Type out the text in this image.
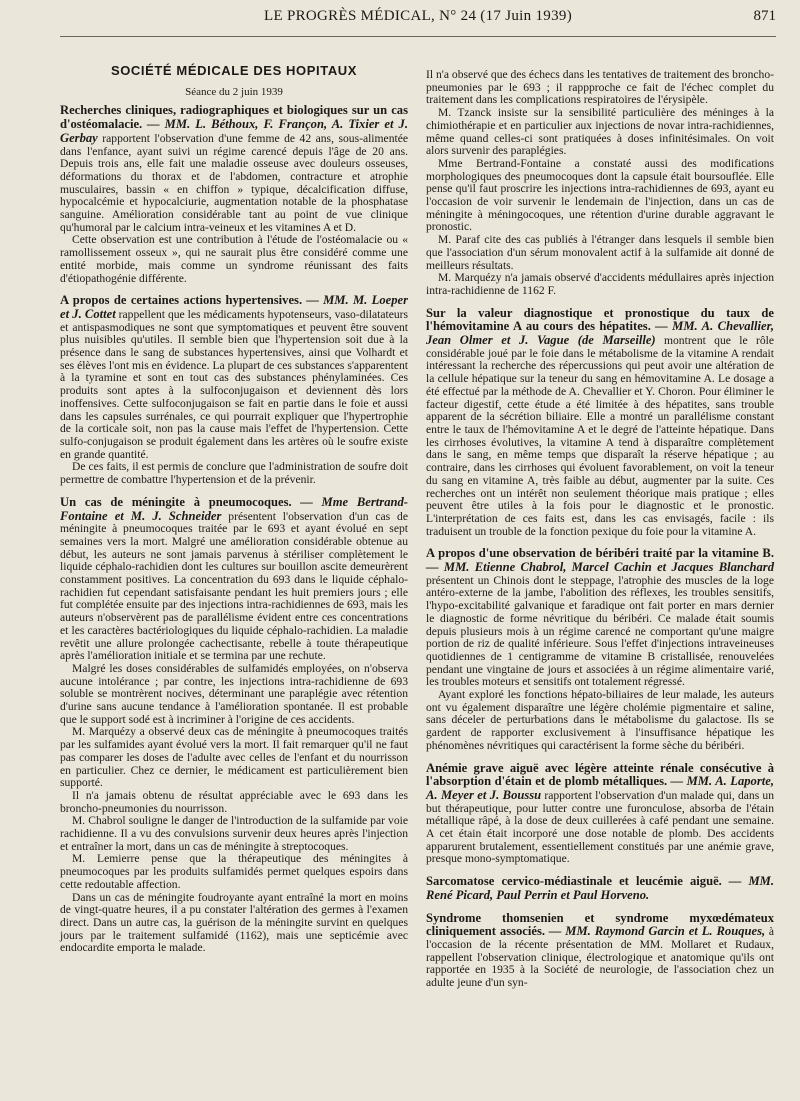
LE PROGRÈS MÉDICAL, N° 24 (17 Juin 1939)	871
SOCIÉTÉ MÉDICALE DES HOPITAUX
Séance du 2 juin 1939

Recherches cliniques, radiographiques et biologiques sur un cas d'ostéomalacie. — MM. L. Béthoux, F. Françon, A. Tixier et J. Gerbay rapportent l'observation d'une femme de 42 ans, sous-alimentée dans l'enfance, ayant suivi un régime carencé depuis l'âge de 20 ans. Depuis trois ans, elle fait une maladie osseuse avec douleurs osseuses, déformations du thorax et de l'abdomen, contracture et atrophie musculaires, bassin « en chiffon » typique, décalcification diffuse, hypocalcémie et hypocalciurie, augmentation notable de la phosphatase sanguine. Amélioration considérable tant au point de vue clinique qu'humoral par le calcium intra-veineux et les vitamines A et D.

Cette observation est une contribution à l'étude de l'ostéomalacie ou « ramollissement osseux », qui ne saurait plus être considéré comme une entité morbide, mais comme un syndrome réunissant des faits d'étiopathogénie différente.

A propos de certaines actions hypertensives. — MM. M. Loeper et J. Cottet rappellent que les médicaments hypotenseurs, vaso-dilatateurs et antispasmodiques ne sont que symptomatiques et peuvent être souvent plus nuisibles qu'utiles. Il semble bien que l'hypertension soit due à la présence dans le sang de substances hypertensives, ainsi que Volhardt et ses élèves l'ont mis en évidence. La plupart de ces substances s'apparentent à la tyramine et sont en tout cas des substances phénylaminées. Ces produits sont aptes à la sulfoconjugaison et deviennent dès lors inoffensives. Cette sulfoconjugaison se fait en partie dans le foie et aussi dans les capsules surrénales, ce qui pourrait expliquer que l'hypertrophie de la corticale soit, non pas la cause mais l'effet de l'hypertension. Cette sulfo-conjugaison se produit également dans les artères où le soufre existe en grande quantité.

De ces faits, il est permis de conclure que l'administration de soufre doit permettre de combattre l'hypertension et de la prévenir.

Un cas de méningite à pneumocoques. — Mme Bertrand-Fontaine et M. J. Schneider présentent l'observation d'un cas de méningite à pneumocoques traitée par le 693 et ayant évolué en sept semaines vers la mort. Malgré une amélioration considérable obtenue au début, les auteurs ne sont jamais parvenus à stériliser complètement le liquide céphalo-rachidien dont les cultures sur bouillon ascite demeurèrent constamment positives. La concentration du 693 dans le liquide céphalo-rachidien fut cependant satisfaisante pendant les huit premiers jours ; elle fut complétée ensuite par des injections intra-rachidiennes de 693, mais les auteurs n'observèrent pas de parallélisme évident entre ces concentrations et les caractères bactériologiques du liquide céphalo-rachidien. La maladie revêtit une allure prolongée cachectisante, rebelle à toute thérapeutique après l'amélioration initiale et se termina par une rechute.

Malgré les doses considérables de sulfamidés employées, on n'observa aucune intolérance ; par contre, les injections intra-rachidienne de 693 soluble se montrèrent nocives, déterminant une paraplégie avec rétention d'urine sans aucune tendance à l'amélioration spontanée. Il est probable que le support sodé est à incriminer à l'origine de ces accidents.

M. Marquézy a observé deux cas de méningite à pneumocoques traités par les sulfamides ayant évolué vers la mort. Il fait remarquer qu'il ne faut pas comparer les doses de l'adulte avec celles de l'enfant et du nourrisson en particulier. Chez ce dernier, le médicament est particulièrement bien supporté.

Il n'a jamais obtenu de résultat appréciable avec le 693 dans les broncho-pneumonies du nourrisson.

M. Chabrol souligne le danger de l'introduction de la sulfamide par voie rachidienne. Il a vu des convulsions survenir deux heures après l'injection et entraîner la mort, dans un cas de méningite à streptocoques.

M. Lemierre pense que la thérapeutique des méningites à pneumocoques par les produits sulfamidés permet quelques espoirs dans cette redoutable affection.

Dans un cas de méningite foudroyante ayant entraîné la mort en moins de vingt-quatre heures, il a pu constater l'altération des germes à l'examen direct. Dans un autre cas, la guérison de la méningite survint en quelques jours par le traitement sulfamidé (1162), mais une septicémie avec endocardite emporta le malade.

Il n'a observé que des échecs dans les tentatives de traitement des broncho-pneumonies par le 693 ; il rappproche ce fait de l'échec complet du traitement dans les complications respiratoires de l'érysipèle.

M. Tzanck insiste sur la sensibilité particulière des méninges à la chimiothérapie et en particulier aux injections de novar intra-rachidiennes, même quand celles-ci sont pratiquées à doses infinitésimales. On voit alors survenir des paraplégies.

Mme Bertrand-Fontaine a constaté aussi des modifications morphologiques des pneumocoques dont la capsule était boursouflée. Elle pense qu'il faut proscrire les injections intra-rachidiennes de 693, ayant eu l'occasion de voir survenir le lendemain de l'injection, dans un cas de méningite à méningocoques, une rétention d'urine durable aggravant le pronostic.

M. Paraf cite des cas publiés à l'étranger dans lesquels il semble bien que l'association d'un sérum monovalent actif à la sulfamide ait donné de meilleurs résultats.

M. Marquézy n'a jamais observé d'accidents médullaires après injection intra-rachidienne de 1162 F.

Sur la valeur diagnostique et pronostique du taux de l'hémovitamine A au cours des hépatites. — MM. A. Chevallier, Jean Olmer et J. Vague (de Marseille) montrent que le rôle considérable joué par le foie dans le métabolisme de la vitamine A rendait intéressant la recherche des répercussions qui peut avoir une altération de la cellule hépatique sur la teneur du sang en hémovitamine A. Le dosage a été effectué par la méthode de A. Chevallier et Y. Choron. Pour éliminer le facteur digestif, cette étude a été limitée à des hépatites, sans trouble apparent de la sécrétion biliaire. Elle a montré un parallélisme constant entre le taux de l'hémovitamine A et le degré de l'atteinte hépatique. Dans les cirrhoses évolutives, la vitamine A tend à disparaître complètement dans le sang, en même temps que disparaît la réserve hépatique ; au contraire, dans les cirrhoses qui évoluent favorablement, on voit la teneur du sang en vitamine A, très faible au début, augmenter par la suite. Ces recherches ont un intérêt non seulement théorique mais pratique ; elles peuvent être utiles à la fois pour le diagnostic et le pronostic. L'interprétation de ces faits est, dans les cas envisagés, facile : ils traduisent un trouble de la fonction pexique du foie pour la vitamine A.

A propos d'une observation de béribéri traité par la vitamine B. — MM. Etienne Chabrol, Marcel Cachin et Jacques Blanchard présentent un Chinois dont le steppage, l'atrophie des muscles de la loge antéro-externe de la jambe, l'abolition des réflexes, les troubles sensitifs, l'hypo-excitabilité galvanique et faradique ont fait porter en mars dernier le diagnostic de forme névritique du béribéri. Ce malade était soumis depuis plusieurs mois à un régime carencé ne comportant qu'une maigre portion de riz de qualité inférieure. Sous l'effet d'injections intraveineuses quotidiennes de 1 centigramme de vitamine B cristallisée, renouvelées pendant une vingtaine de jours et associées à un régime alimentaire varié, les troubles moteurs et sensitifs ont totalement régressé.

Ayant exploré les fonctions hépato-biliaires de leur malade, les auteurs ont vu également disparaître une légère cholémie pigmentaire et saline, sans déceler de perturbations dans le métabolisme du galactose. Ils se gardent de rapporter exclusivement à l'insuffisance hépatique les phénomènes névritiques qui caractérisent la forme sèche du béribéri.

Anémie grave aiguë avec légère atteinte rénale consécutive à l'absorption d'étain et de plomb métalliques. — MM. A. Laporte, A. Meyer et J. Boussu rapportent l'observation d'un malade qui, dans un but thérapeutique, pour lutter contre une furonculose, absorba de l'étain métallique râpé, à la dose de deux cuillerées à café pendant une semaine. A cet étain était incorporé une dose notable de plomb. Des accidents apparurent brutalement, essentiellement constitués par une anémie grave, presque mono-symptomatique.

Sarcomatose cervico-médiastinale et leucémie aiguë. — MM. René Picard, Paul Perrin et Paul Horveno.

Syndrome thomsenien et syndrome myxœdémateux cliniquement associés. — MM. Raymond Garcin et L. Rouques, à l'occasion de la récente présentation de MM. Mollaret et Rudaux, rappellent l'observation clinique, électrologique et anatomique qu'ils ont rapportée en 1935 à la Société de neurologie, de l'association chez un adulte jeune d'un syn-
